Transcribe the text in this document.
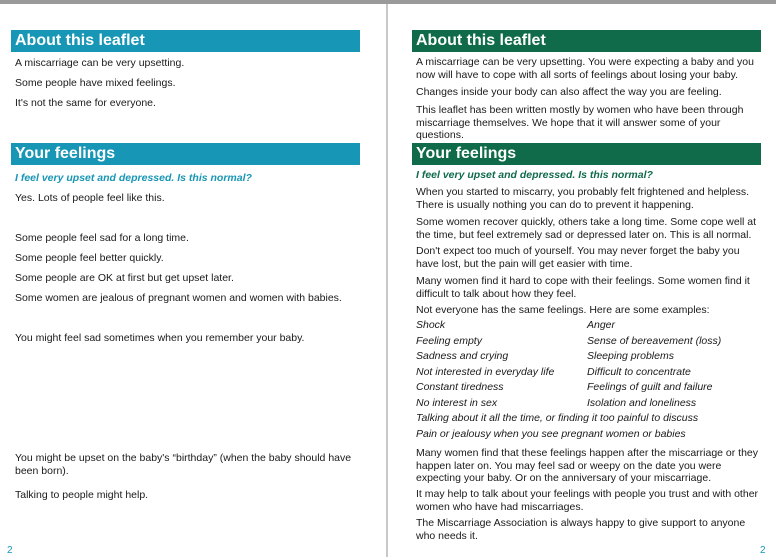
About this leaflet

A miscarriage can be very upsetting.

Some people have mixed feelings.

It's not the same for everyone.

Your feelings

I feel very upset and depressed. Is this normal?

Yes. Lots of people feel like this.

Some people feel sad for a long time.

Some people feel better quickly.

Some people are OK at first but get upset later.

Some women are jealous of pregnant women and women with babies.

You might feel sad sometimes when you remember your baby.

You might be upset on the baby's “birthday” (when the baby should have been born).

Talking to people might help.

2
About this leaflet

A miscarriage can be very upsetting. You were expecting a baby and you now will have to cope with all sorts of feelings about losing your baby.

Changes inside your body can also affect the way you are feeling.

This leaflet has been written mostly by women who have been through miscarriage themselves. We hope that it will answer some of your questions.

Your feelings

I feel very upset and depressed. Is this normal?

When you started to miscarry, you probably felt frightened and helpless. There is usually nothing you can do to prevent it happening.

Some women recover quickly, others take a long time. Some cope well at the time, but feel extremely sad or depressed later on. This is all normal.

Don't expect too much of yourself. You may never forget the baby you have lost, but the pain will get easier with time.

Many women find it hard to cope with their feelings. Some women find it difficult to talk about how they feel.

Not everyone has the same feelings. Here are some examples:

Shock
Feeling empty
Sadness and crying
Not interested in everyday life
Constant tiredness
No interest in sex
Anger
Sense of bereavement (loss)
Sleeping problems
Difficult to concentrate
Feelings of guilt and failure
Isolation and loneliness
Talking about it all the time, or finding it too painful to discuss
Pain or jealousy when you see pregnant women or babies

Many women find that these feelings happen after the miscarriage or they happen later on. You may feel sad or weepy on the date you were expecting your baby. Or on the anniversary of your miscarriage.

It may help to talk about your feelings with people you trust and with other women who have had miscarriages.

The Miscarriage Association is always happy to give support to anyone who needs it.

2
